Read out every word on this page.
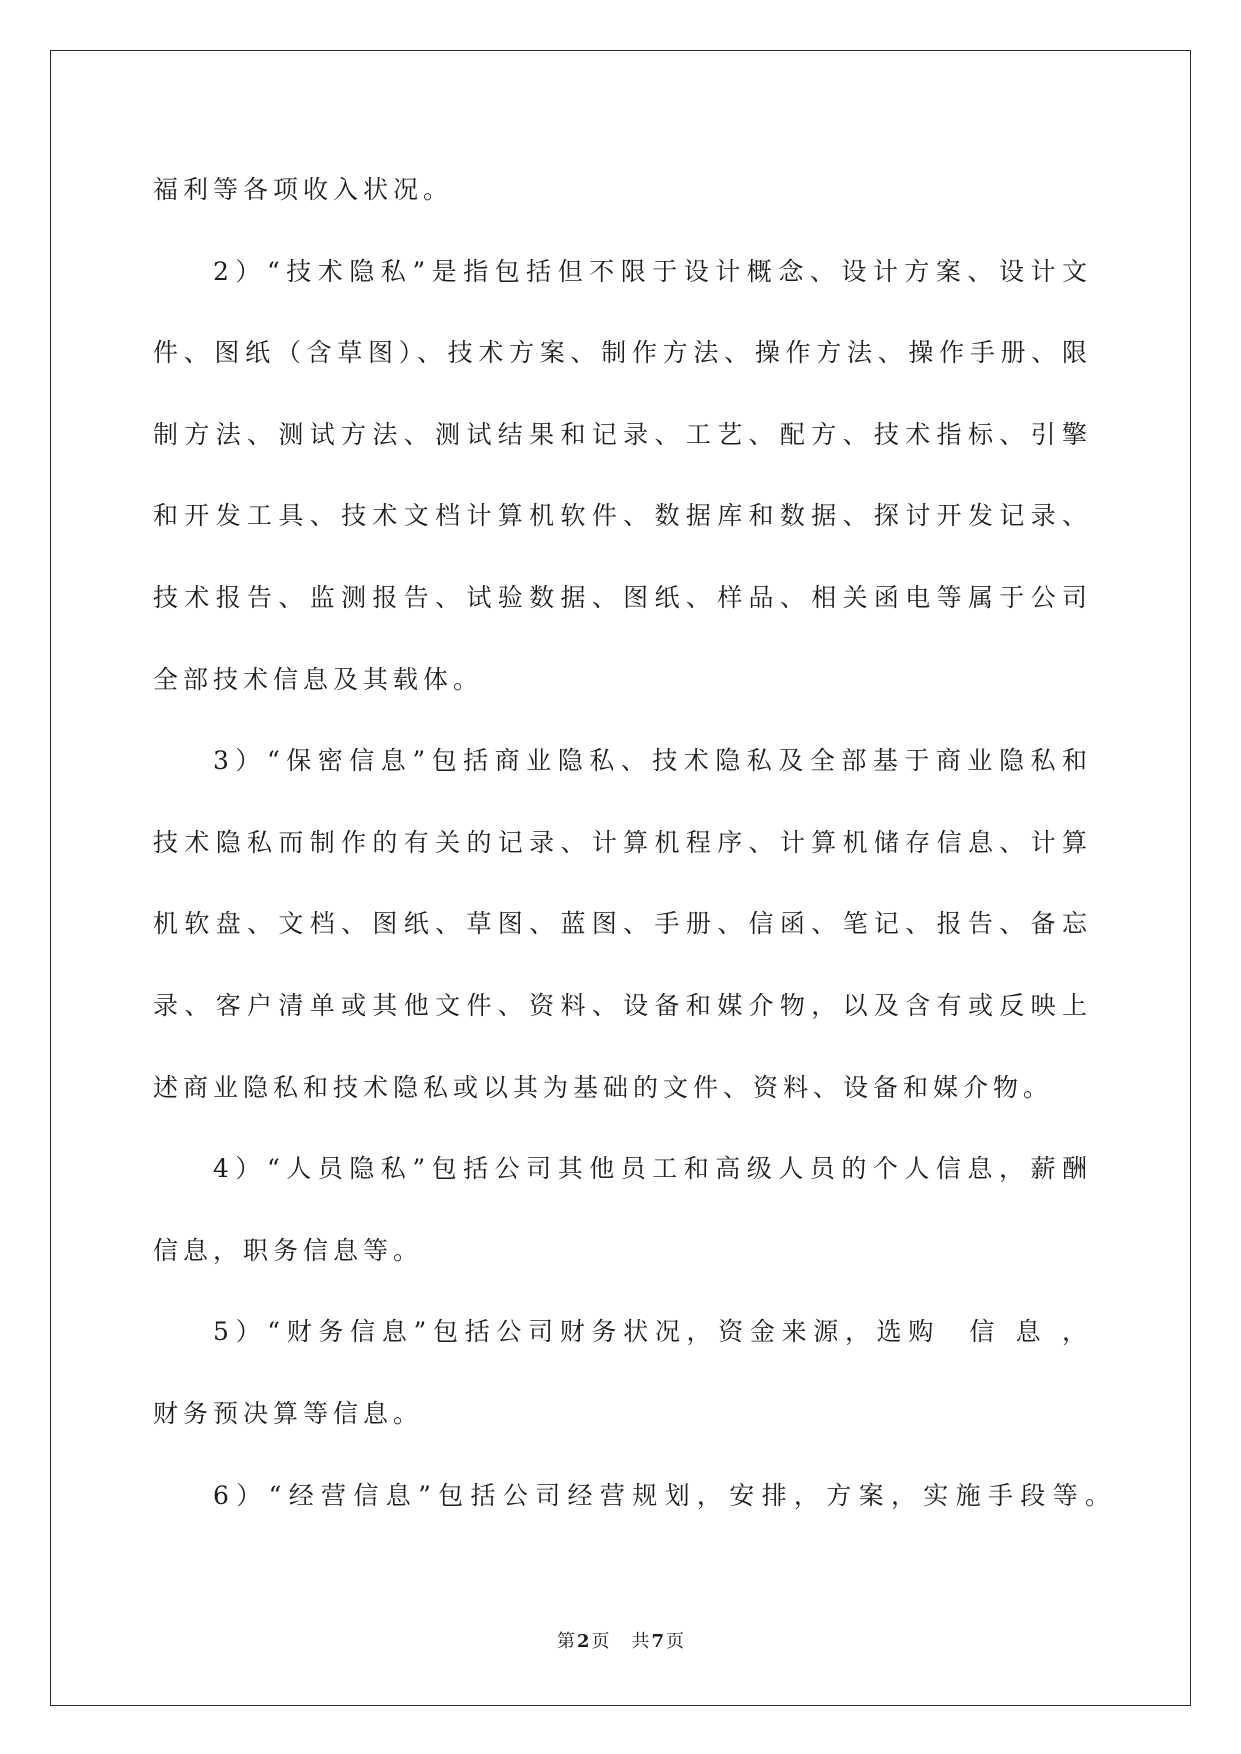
福利等各项收入状况。
2）“技术隐私”是指包括但不限于设计概念、设计方案、设计文
件、图纸（含草图）、技术方案、制作方法、操作方法、操作手册、限
制方法、测试方法、测试结果和记录、工艺、配方、技术指标、引擎
和开发工具、技术文档计算机软件、数据库和数据、探讨开发记录、
技术报告、监测报告、试验数据、图纸、样品、相关函电等属于公司
全部技术信息及其载体。
3）“保密信息”包括商业隐私、技术隐私及全部基于商业隐私和
技术隐私而制作的有关的记录、计算机程序、计算机储存信息、计算
机软盘、文档、图纸、草图、蓝图、手册、信函、笔记、报告、备忘
录、客户清单或其他文件、资料、设备和媒介物，以及含有或反映上
述商业隐私和技术隐私或以其为基础的文件、资料、设备和媒介物。
4）“人员隐私”包括公司其他员工和高级人员的个人信息，薪酬
信息，职务信息等。
5）“财务信息”包括公司财务状况，资金来源，选购  信 息 ，
财务预决算等信息。
6）“经营信息”包括公司经营规划，安排，方案，实施手段等。
第 2 页 共 7 页
